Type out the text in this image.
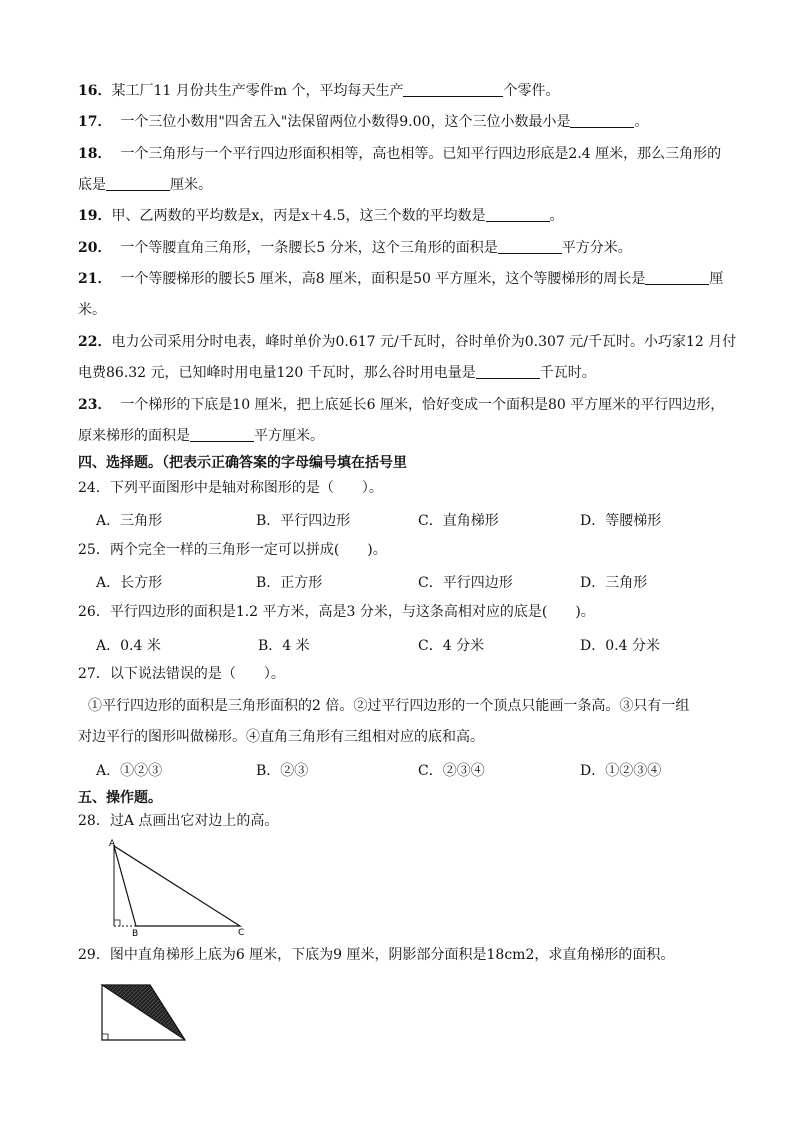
16．某工厂11 月份共生产零件m 个，平均每天生产	个零件。
17． 一个三位小数用"四舍五入"法保留两位小数得9.00，这个三位小数最小是	。
18． 一个三角形与一个平行四边形面积相等，高也相等。已知平行四边形底是2.4 厘米，那么三角形的
底是	厘米。
19．甲、乙两数的平均数是x，丙是x＋4.5，这三个数的平均数是	。
20． 一个等腰直角三角形，一条腰长5 分米，这个三角形的面积是	平方分米。
21． 一个等腰梯形的腰长5 厘米，高8 厘米，面积是50 平方厘米，这个等腰梯形的周长是	厘
米。
22．电力公司采用分时电表，峰时单价为0.617 元/千瓦时，谷时单价为0.307 元/千瓦时。小巧家12 月付
电费86.32 元，已知峰时用电量120 千瓦时，那么谷时用电量是	千瓦时。
23． 一个梯形的下底是10 厘米，把上底延长6 厘米，恰好变成一个面积是80 平方厘米的平行四边形，
原来梯形的面积是	平方厘米。
四、选择题。（把表示正确答案的字母编号填在括号里
24．下列平面图形中是轴对称图形的是（　　）。
A．三角形	B．平行四边形	C．直角梯形	D．等腰梯形
25．两个完全一样的三角形一定可以拼成(　　)。
A．长方形	B．正方形	C．平行四边形	D．三角形
26．平行四边形的面积是1.2 平方米，高是3 分米，与这条高相对应的底是(　　)。
A．0.4 米	B．4 米	C．4 分米	D．0.4 分米
27．以下说法错误的是（　　）。
①平行四边形的面积是三角形面积的2 倍。②过平行四边形的一个顶点只能画一条高。③只有一组
对边平行的图形叫做梯形。④直角三角形有三组相对应的底和高。
A．①②③	B．②③	C．②③④	D．①②③④
五、操作题。
28．过A 点画出它对边上的高。
A
B	C
29．图中直角梯形上底为6 厘米，下底为9 厘米，阴影部分面积是18cm2，求直角梯形的面积。
